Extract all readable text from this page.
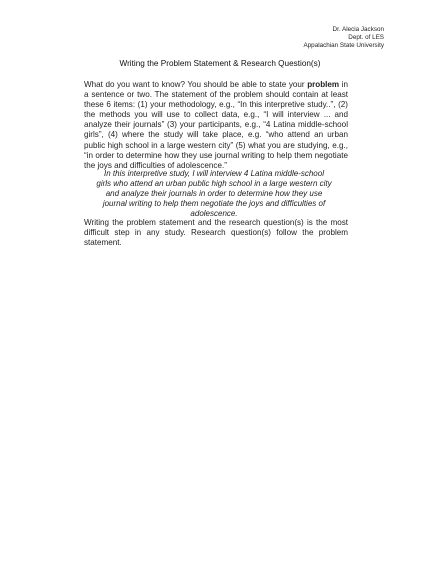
Dr. Alecia Jackson
Dept. of LES
Appalachian State University
Writing the Problem Statement & Research Question(s)

What do you want to know? You should be able to state your problem in a sentence or two. The statement of the problem should contain at least these 6 items: (1) your methodology, e.g., “In this interpretive study..”, (2) the methods you will use to collect data, e.g., “I will interview ... and analyze their journals” (3) your participants, e.g., “4 Latina middle-school girls”, (4) where the study will take place, e.g. “who attend an urban public high school in a large western city” (5) what you are studying, e.g., “in order to determine how they use journal writing to help them negotiate the joys and difficulties of adolescence.”

In this interpretive study, I will interview 4 Latina middle-school girls who attend an urban public high school in a large western city and analyze their journals in order to determine how they use journal writing to help them negotiate the joys and difficulties of adolescence.

Writing the problem statement and the research question(s) is the most difficult step in any study. Research question(s) follow the problem statement.
